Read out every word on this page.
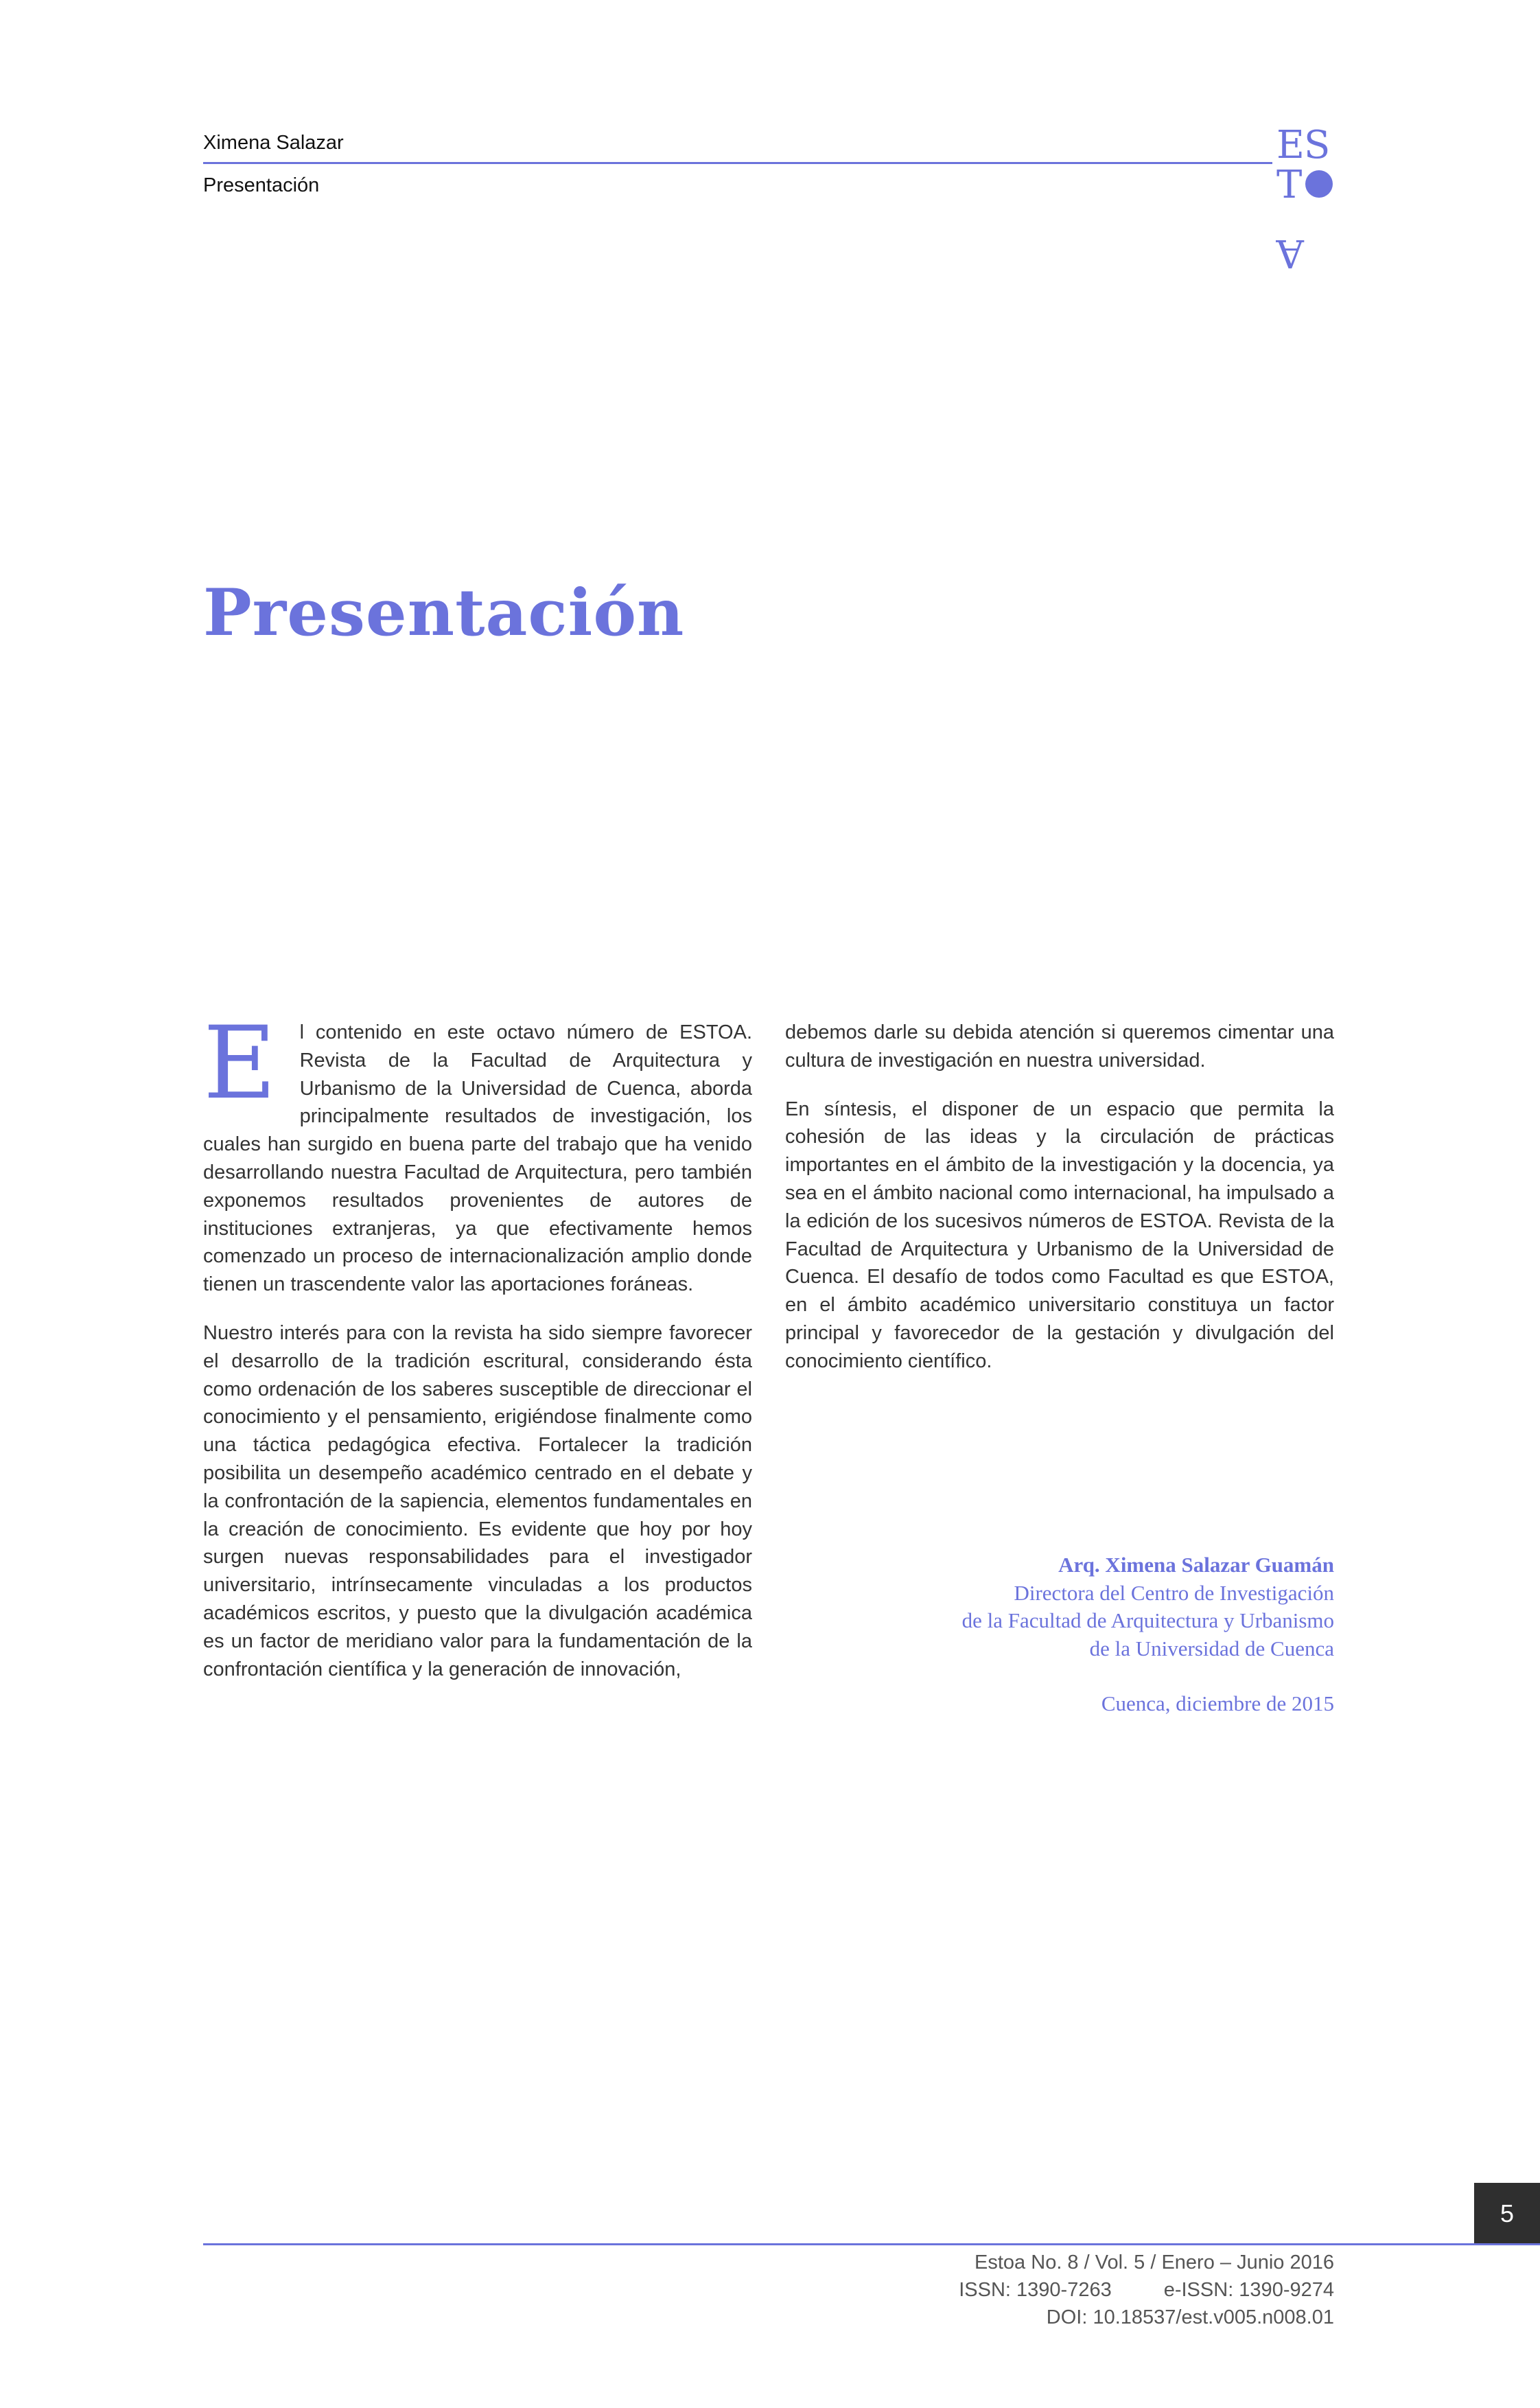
Ximena Salazar
Presentación
E S
T
A
Presentación

E l contenido en este octavo número de ESTOA. Revista de la Facultad de Arquitectura y Urbanismo de la Universidad de Cuenca, aborda principalmente resultados de investigación, los cuales han surgido en buena parte del trabajo que ha venido desarrollando nuestra Facultad de Arquitectura, pero también exponemos resultados provenientes de autores de instituciones extranjeras, ya que efectivamente hemos comenzado un proceso de internacionalización amplio donde tienen un trascendente valor las aportaciones foráneas.

Nuestro interés para con la revista ha sido siempre favorecer el desarrollo de la tradición escritural, considerando ésta como ordenación de los saberes susceptible de direccionar el conocimiento y el pensamiento, erigiéndose finalmente como una táctica pedagógica efectiva. Fortalecer la tradición posibilita un desempeño académico centrado en el debate y la confrontación de la sapiencia, elementos fundamentales en la creación de conocimiento. Es evidente que hoy por hoy surgen nuevas responsabilidades para el investigador universitario, intrínsecamente vinculadas a los productos académicos escritos, y puesto que la divulgación académica es un factor de meridiano valor para la fundamentación de la confrontación científica y la generación de innovación,

debemos darle su debida atención si queremos cimentar una cultura de investigación en nuestra universidad.

En síntesis, el disponer de un espacio que permita la cohesión de las ideas y la circulación de prácticas importantes en el ámbito de la investigación y la docencia, ya sea en el ámbito nacional como internacional, ha impulsado a la edición de los sucesivos números de ESTOA. Revista de la Facultad de Arquitectura y Urbanismo de la Universidad de Cuenca. El desafío de todos como Facultad es que ESTOA, en el ámbito académico universitario constituya un factor principal y favorecedor de la gestación y divulgación del conocimiento científico.

Arq. Ximena Salazar Guamán
Directora del Centro de Investigación
de la Facultad de Arquitectura y Urbanismo
de la Universidad de Cuenca
Cuenca, diciembre de 2015
5
Estoa No. 8 / Vol. 5 / Enero – Junio 2016
ISSN: 1390-7263	e-ISSN: 1390-9274
DOI: 10.18537/est.v005.n008.01
